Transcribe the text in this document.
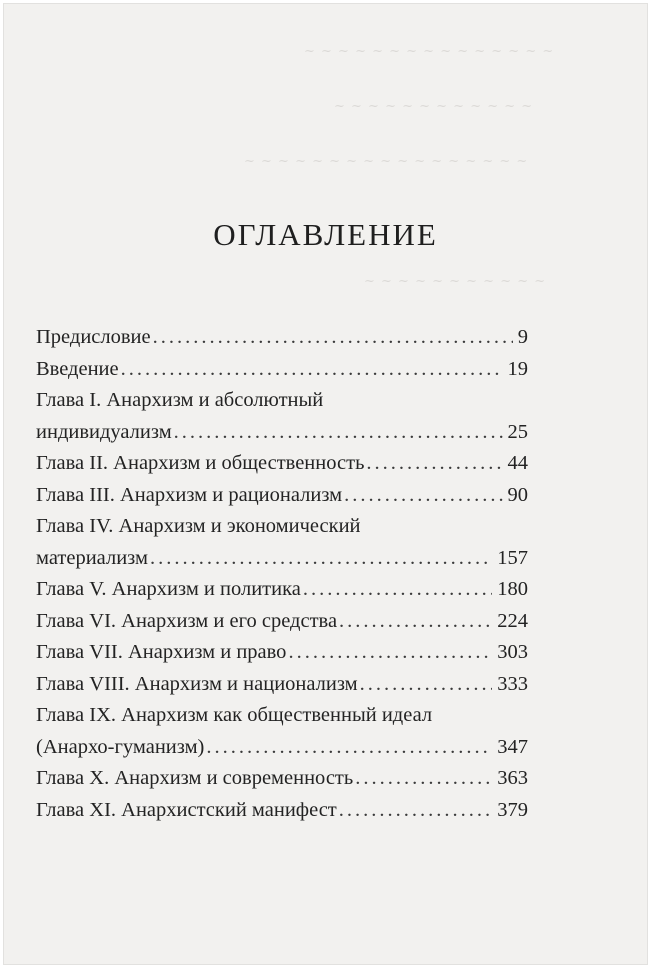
~ ~ ~ ~ ~ ~ ~ ~ ~ ~ ~ ~ ~ ~ ~
~ ~ ~ ~ ~ ~ ~ ~ ~ ~ ~ ~
~ ~ ~ ~ ~ ~ ~ ~ ~ ~ ~ ~ ~ ~ ~ ~ ~
~ ~ ~ ~ ~ ~ ~ ~ ~ ~ ~
ОГЛАВЛЕНИЕ
Предисловие .....	9
Введение .....	19
Глава I. Анархизм и абсолютный
индивидуализм .....	25
Глава II. Анархизм и общественность .....	44
Глава III. Анархизм и рационализм .....	90
Глава IV. Анархизм и экономический
материализм .....	157
Глава V. Анархизм и политика .....	180
Глава VI. Анархизм и его средства .....	224
Глава VII. Анархизм и право .....	303
Глава VIII. Анархизм и национализм .....	333
Глава IX. Анархизм как общественный идеал
(Анархо-гуманизм) .....	347
Глава X. Анархизм и современность .....	363
Глава XI. Анархистский манифест .....	379
